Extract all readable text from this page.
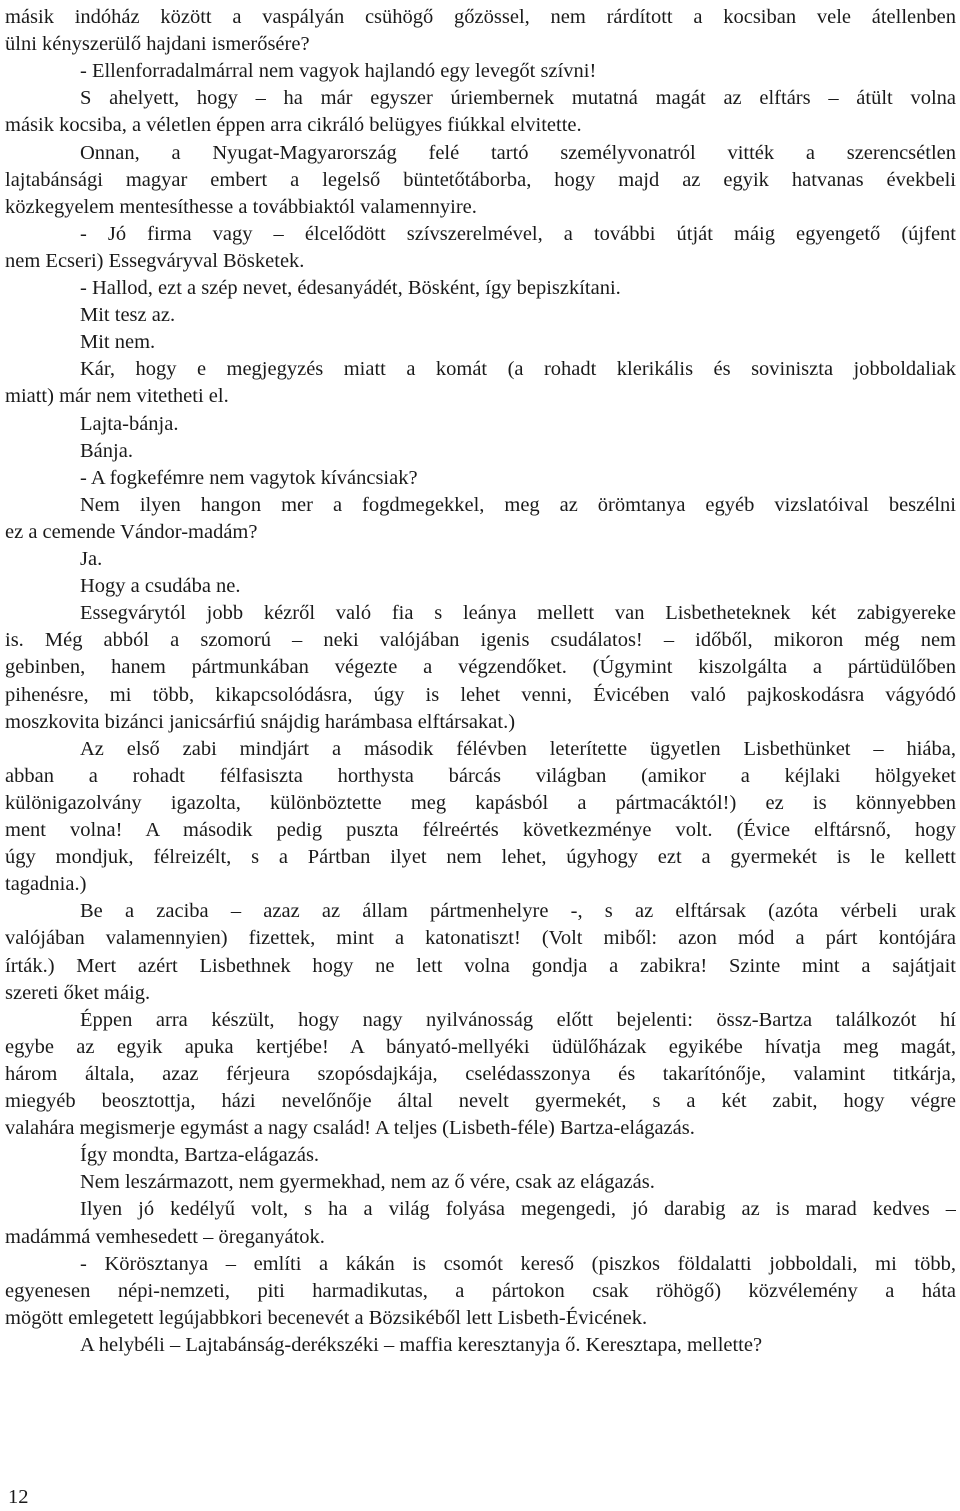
másik indóház között a vaspályán csühögő gőzössel, nem rárdított a kocsiban vele átellenben
ülni kényszerülő hajdani ismerősére?
- Ellenforradalmárral nem vagyok hajlandó egy levegőt szívni!
S ahelyett, hogy – ha már egyszer úriembernek mutatná magát az elftárs – átült volna
másik kocsiba, a véletlen éppen arra cikráló belügyes fiúkkal elvitette.
Onnan, a Nyugat-Magyarország felé tartó személyvonatról vitték a szerencsétlen
lajtabánsági magyar embert a legelső büntetőtáborba, hogy majd az egyik hatvanas évekbeli
közkegyelem mentesíthesse a továbbiaktól valamennyire.
- Jó firma vagy – élcelődött szívszerelmével, a további útját máig egyengető (újfent
nem Ecseri) Essegváryval Bösketek.
- Hallod, ezt a szép nevet, édesanyádét, Bösként, így bepiszkítani.
Mit tesz az.
Mit nem.
Kár, hogy e megjegyzés miatt a komát (a rohadt klerikális és soviniszta jobboldaliak
miatt) már nem vitetheti el.
Lajta-bánja.
Bánja.
- A fogkefémre nem vagytok kíváncsiak?
Nem ilyen hangon mer a fogdmegekkel, meg az örömtanya egyéb vizslatóival beszélni
ez a cemende Vándor-madám?
Ja.
Hogy a csudába ne.
Essegvárytól jobb kézről való fia s leánya mellett van Lisbetheteknek két zabigyereke
is. Még abból a szomorú – neki valójában igenis csudálatos! – időből, mikoron még nem
gebinben, hanem pártmunkában végezte a végzendőket. (Úgymint kiszolgálta a pártüdülőben
pihenésre, mi több, kikapcsolódásra, úgy is lehet venni, Évicében való pajkoskodásra vágyódó
moszkovita bizánci janicsárfiú snájdig harámbasa elftársakat.)
Az első zabi mindjárt a második félévben leterítette ügyetlen Lisbethünket – hiába,
abban a rohadt félfasiszta horthysta bárcás világban (amikor a kéjlaki hölgyeket
különigazolvány igazolta, különböztette meg kapásból a pártmacáktól!) ez is könnyebben
ment volna! A második pedig puszta félreértés következménye volt. (Évice elftársnő, hogy
úgy mondjuk, félreizélt, s a Pártban ilyet nem lehet, úgyhogy ezt a gyermekét is le kellett
tagadnia.)
Be a zaciba – azaz az állam pártmenhelyre -, s az elftársak (azóta vérbeli urak
valójában valamennyien) fizettek, mint a katonatiszt! (Volt miből: azon mód a párt kontójára
írták.) Mert azért Lisbethnek hogy ne lett volna gondja a zabikra! Szinte mint a sajátjait
szereti őket máig.
Éppen arra készült, hogy nagy nyilvánosság előtt bejelenti: össz-Bartza találkozót hí
egybe az egyik apuka kertjébe! A bányató-mellyéki üdülőházak egyikébe hívatja meg magát,
három általa, azaz férjeura szopósdajkája, cselédasszonya és takarítónője, valamint titkárja,
miegyéb beosztottja, házi nevelőnője által nevelt gyermekét, s a két zabit, hogy végre
valahára megismerje egymást a nagy család! A teljes (Lisbeth-féle) Bartza-elágazás.
Így mondta, Bartza-elágazás.
Nem leszármazott, nem gyermekhad, nem az ő vére, csak az elágazás.
Ilyen jó kedélyű volt, s ha a világ folyása megengedi, jó darabig az is marad kedves –
madámmá vemhesedett – öreganyátok.
- Körösztanya – említi a kákán is csomót kereső (piszkos földalatti jobboldali, mi több,
egyenesen népi-nemzeti, piti harmadikutas, a pártokon csak röhögő) közvélemény a háta
mögött emlegetett legújabbkori becenevét a Bözsikéből lett Lisbeth-Évicének.
A helybéli – Lajtabánság-derékszéki – maffia keresztanyja ő. Keresztapa, mellette?
12
